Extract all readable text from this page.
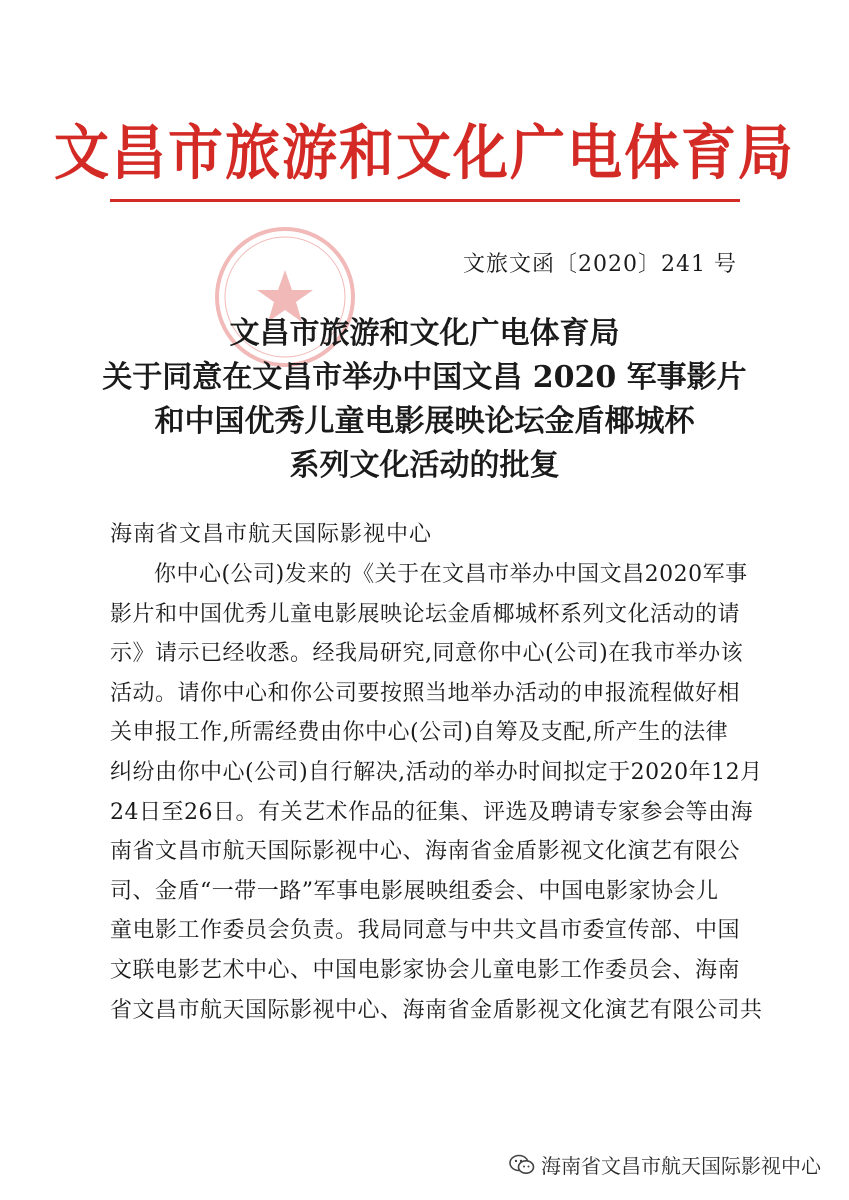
文昌市旅游和文化广电体育局
文旅文函〔2020〕241 号
文昌市旅游和文化广电体育局
关于同意在文昌市举办中国文昌 2020 军事影片
和中国优秀儿童电影展映论坛金盾椰城杯
系列文化活动的批复
海南省文昌市航天国际影视中心
你中心(公司)发来的《关于在文昌市举办中国文昌2020军事
影片和中国优秀儿童电影展映论坛金盾椰城杯系列文化活动的请
示》请示已经收悉。经我局研究,同意你中心(公司)在我市举办该
活动。请你中心和你公司要按照当地举办活动的申报流程做好相
关申报工作,所需经费由你中心(公司)自筹及支配,所产生的法律
纠纷由你中心(公司)自行解决,活动的举办时间拟定于2020年12月
24日至26日。有关艺术作品的征集、评选及聘请专家参会等由海
南省文昌市航天国际影视中心、海南省金盾影视文化演艺有限公
司、金盾“一带一路”军事电影展映组委会、中国电影家协会儿
童电影工作委员会负责。我局同意与中共文昌市委宣传部、中国
文联电影艺术中心、中国电影家协会儿童电影工作委员会、海南
省文昌市航天国际影视中心、海南省金盾影视文化演艺有限公司共
海南省文昌市航天国际影视中心
